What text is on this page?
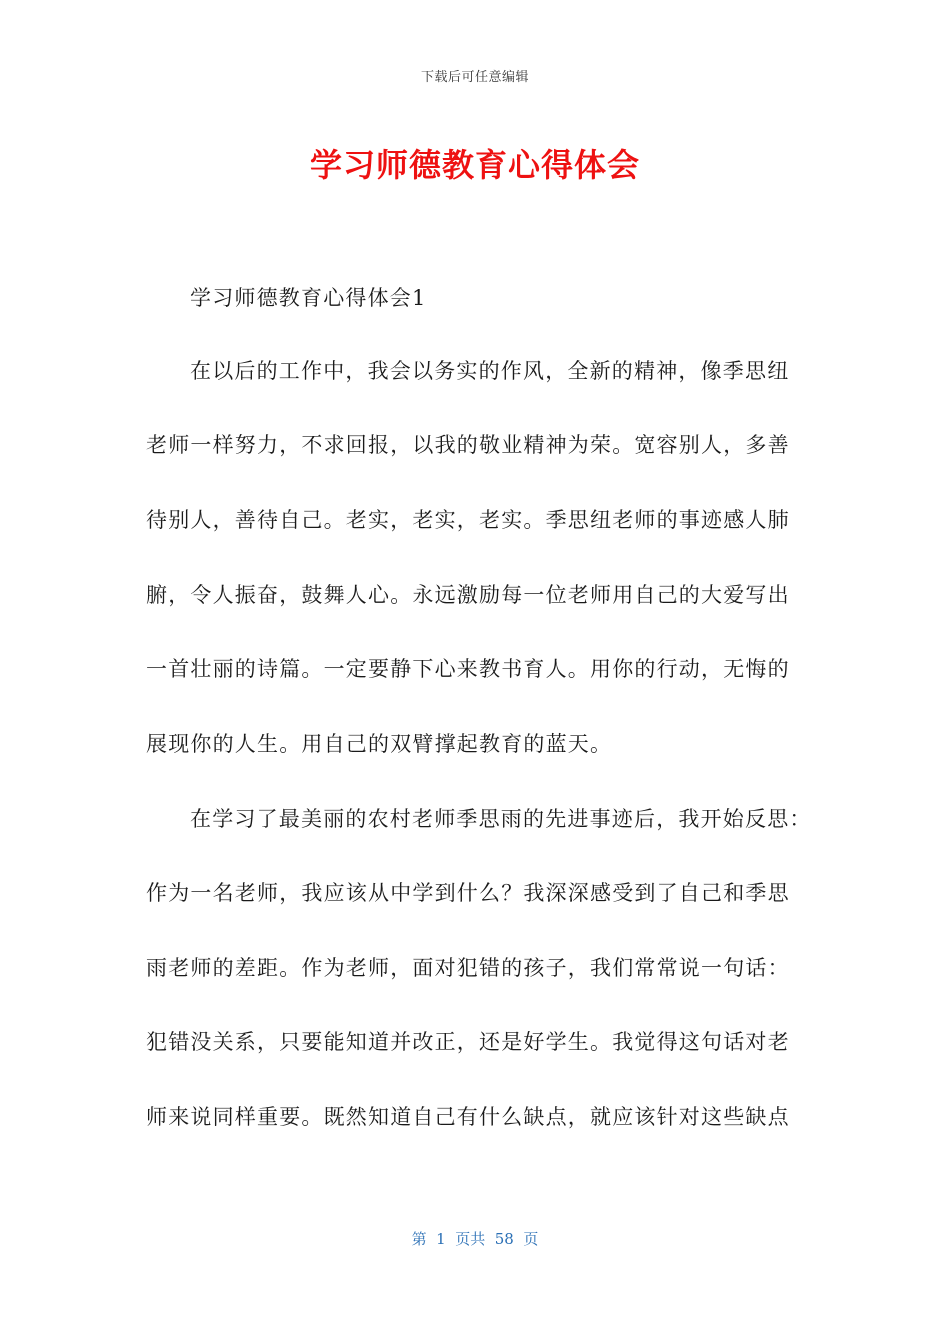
下载后可任意编辑
学习师德教育心得体会
学习师德教育心得体会1
在以后的工作中，我会以务实的作风，全新的精神，像季思纽
老师一样努力，不求回报，以我的敬业精神为荣。宽容别人，多善
待别人，善待自己。老实，老实，老实。季思纽老师的事迹感人肺
腑，令人振奋，鼓舞人心。永远激励每一位老师用自己的大爱写出
一首壮丽的诗篇。一定要静下心来教书育人。用你的行动，无悔的
展现你的人生。用自己的双臂撑起教育的蓝天。
在学习了最美丽的农村老师季思雨的先进事迹后，我开始反思：
作为一名老师，我应该从中学到什么？我深深感受到了自己和季思
雨老师的差距。作为老师，面对犯错的孩子，我们常常说一句话：
犯错没关系，只要能知道并改正，还是好学生。我觉得这句话对老
师来说同样重要。既然知道自己有什么缺点，就应该针对这些缺点
第  1  页共  58  页
